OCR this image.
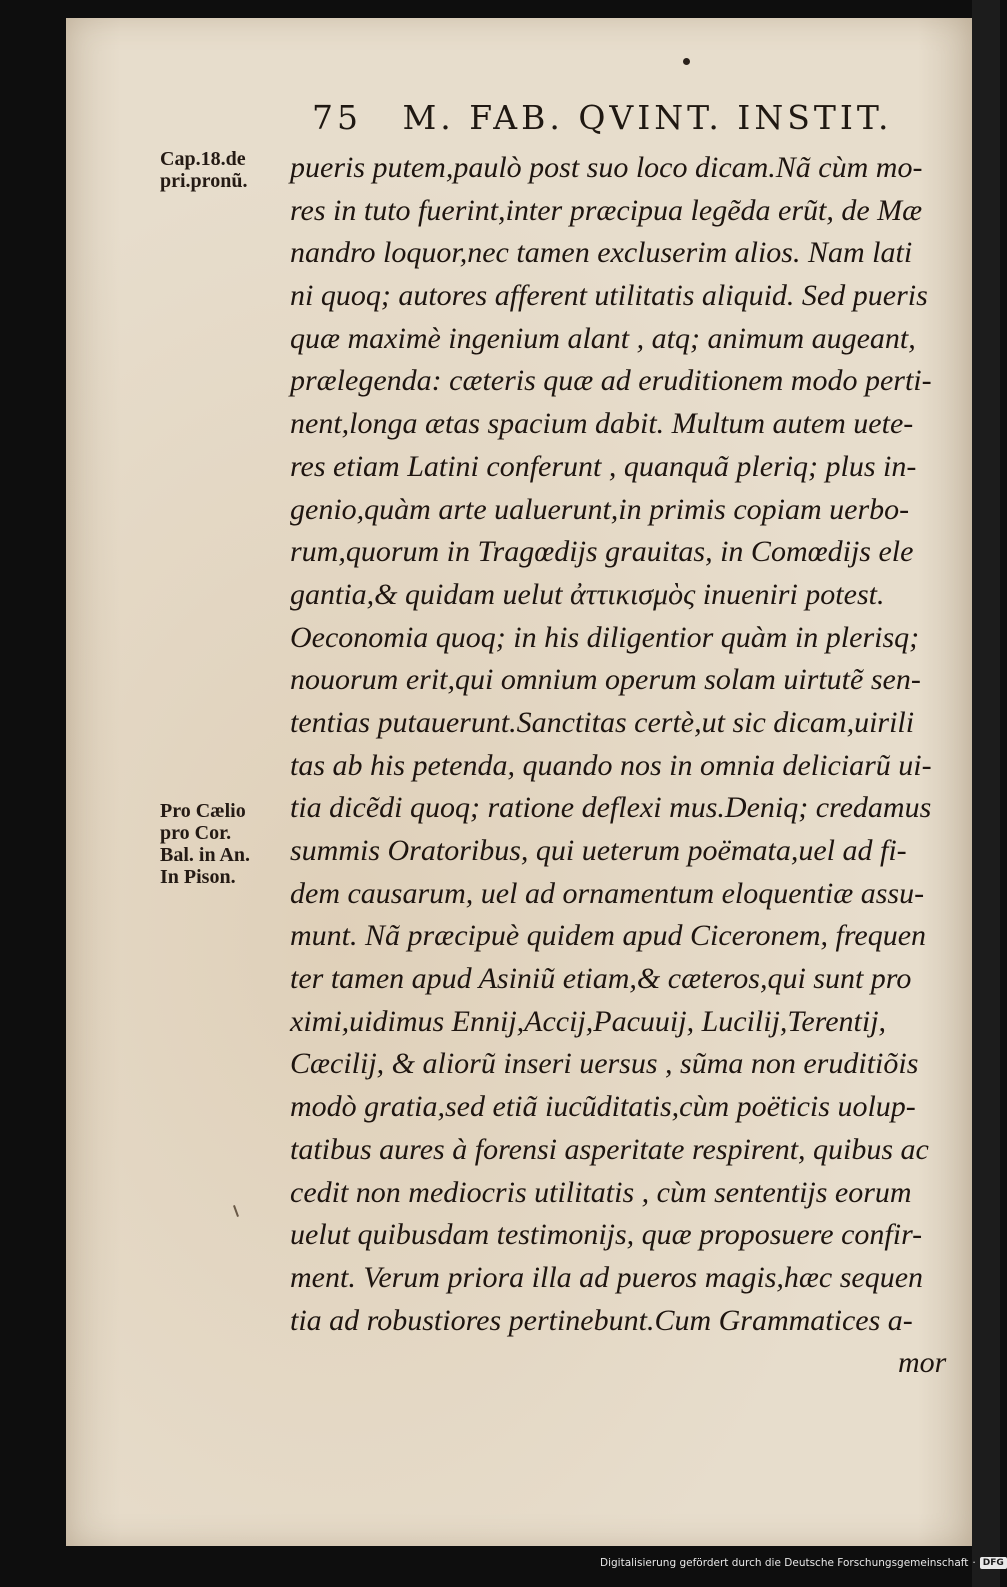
75 M. FAB. QVINT. INSTIT.
Cap.18.de
pri.pronũ.
Pro Cælio
pro Cor.
Bal. in An.
In Pison.
pueris putem,paulò post suo loco dicam.Nã cùm mo-
res in tuto fuerint,inter præcipua legẽda erũt, de Mæ
nandro loquor,nec tamen excluserim alios. Nam lati
ni quoq; autores afferent utilitatis aliquid. Sed pueris
quæ maximè ingenium alant , atq; animum augeant,
prælegenda: cæteris quæ ad eruditionem modo perti-
nent,longa ætas spacium dabit. Multum autem uete-
res etiam Latini conferunt , quanquã pleriq; plus in-
genio,quàm arte ualuerunt,in primis copiam uerbo-
rum,quorum in Tragœdijs grauitas, in Comœdijs ele
gantia,& quidam uelut ἀττικισμὸς inueniri potest.
Oeconomia quoq; in his diligentior quàm in plerisq;
nouorum erit,qui omnium operum solam uirtutẽ sen-
tentias putauerunt.Sanctitas certè,ut sic dicam,uirili
tas ab his petenda, quando nos in omnia deliciarũ ui-
tia dicẽdi quoq; ratione deflexi mus.Deniq; credamus
summis Oratoribus, qui ueterum poëmata,uel ad fi-
dem causarum, uel ad ornamentum eloquentiæ assu-
munt. Nã præcipuè quidem apud Ciceronem, frequen
ter tamen apud Asiniũ etiam,& cæteros,qui sunt pro
ximi,uidimus Ennij,Accij,Pacuuij, Lucilij,Terentij,
Cæcilij, & aliorũ inseri uersus , sũma non eruditiõis
modò gratia,sed etiã iucũditatis,cùm poëticis uolup-
tatibus aures à forensi asperitate respirent, quibus ac
cedit non mediocris utilitatis , cùm sententijs eorum
uelut quibusdam testimonijs, quæ proposuere confir-
ment. Verum priora illa ad pueros magis,hæc sequen
tia ad robustiores pertinebunt.Cum Grammatices a-
mor
Digitalisierung gefördert durch die Deutsche Forschungsgemeinschaft · DFG
